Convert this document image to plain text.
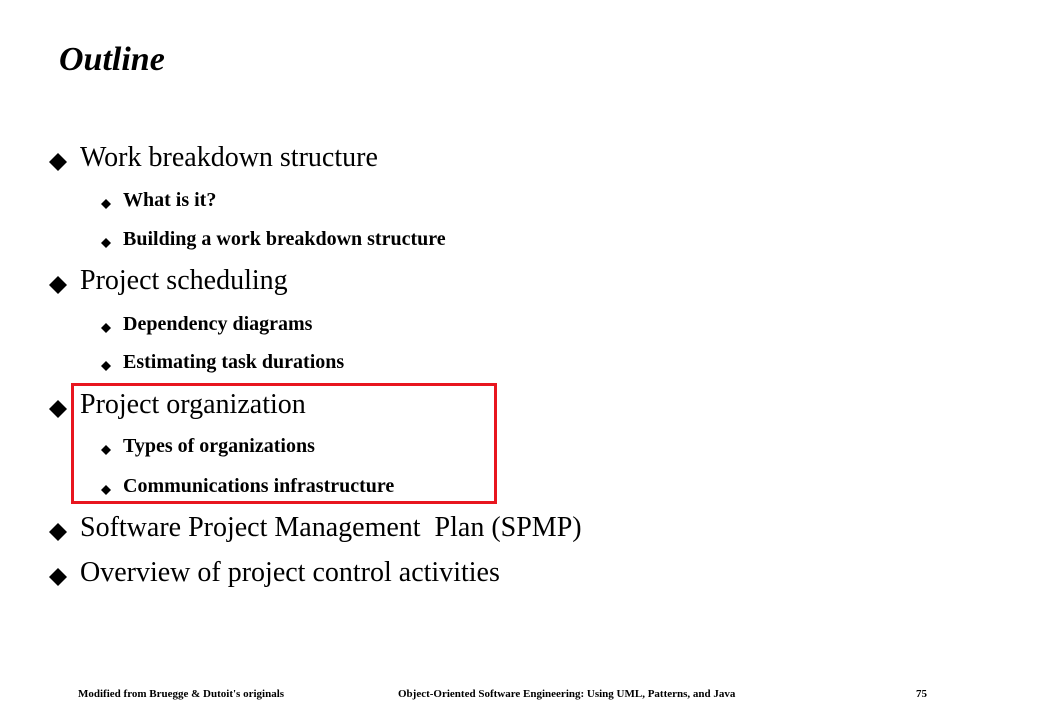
Outline
Work breakdown structure
What is it?
Building a work breakdown structure
Project scheduling
Dependency diagrams
Estimating task durations
Project organization
Types of organizations
Communications infrastructure
Software Project Management  Plan (SPMP)
Overview of project control activities
Modified from Bruegge & Dutoit's originals	Object-Oriented Software Engineering: Using UML, Patterns, and Java	75
